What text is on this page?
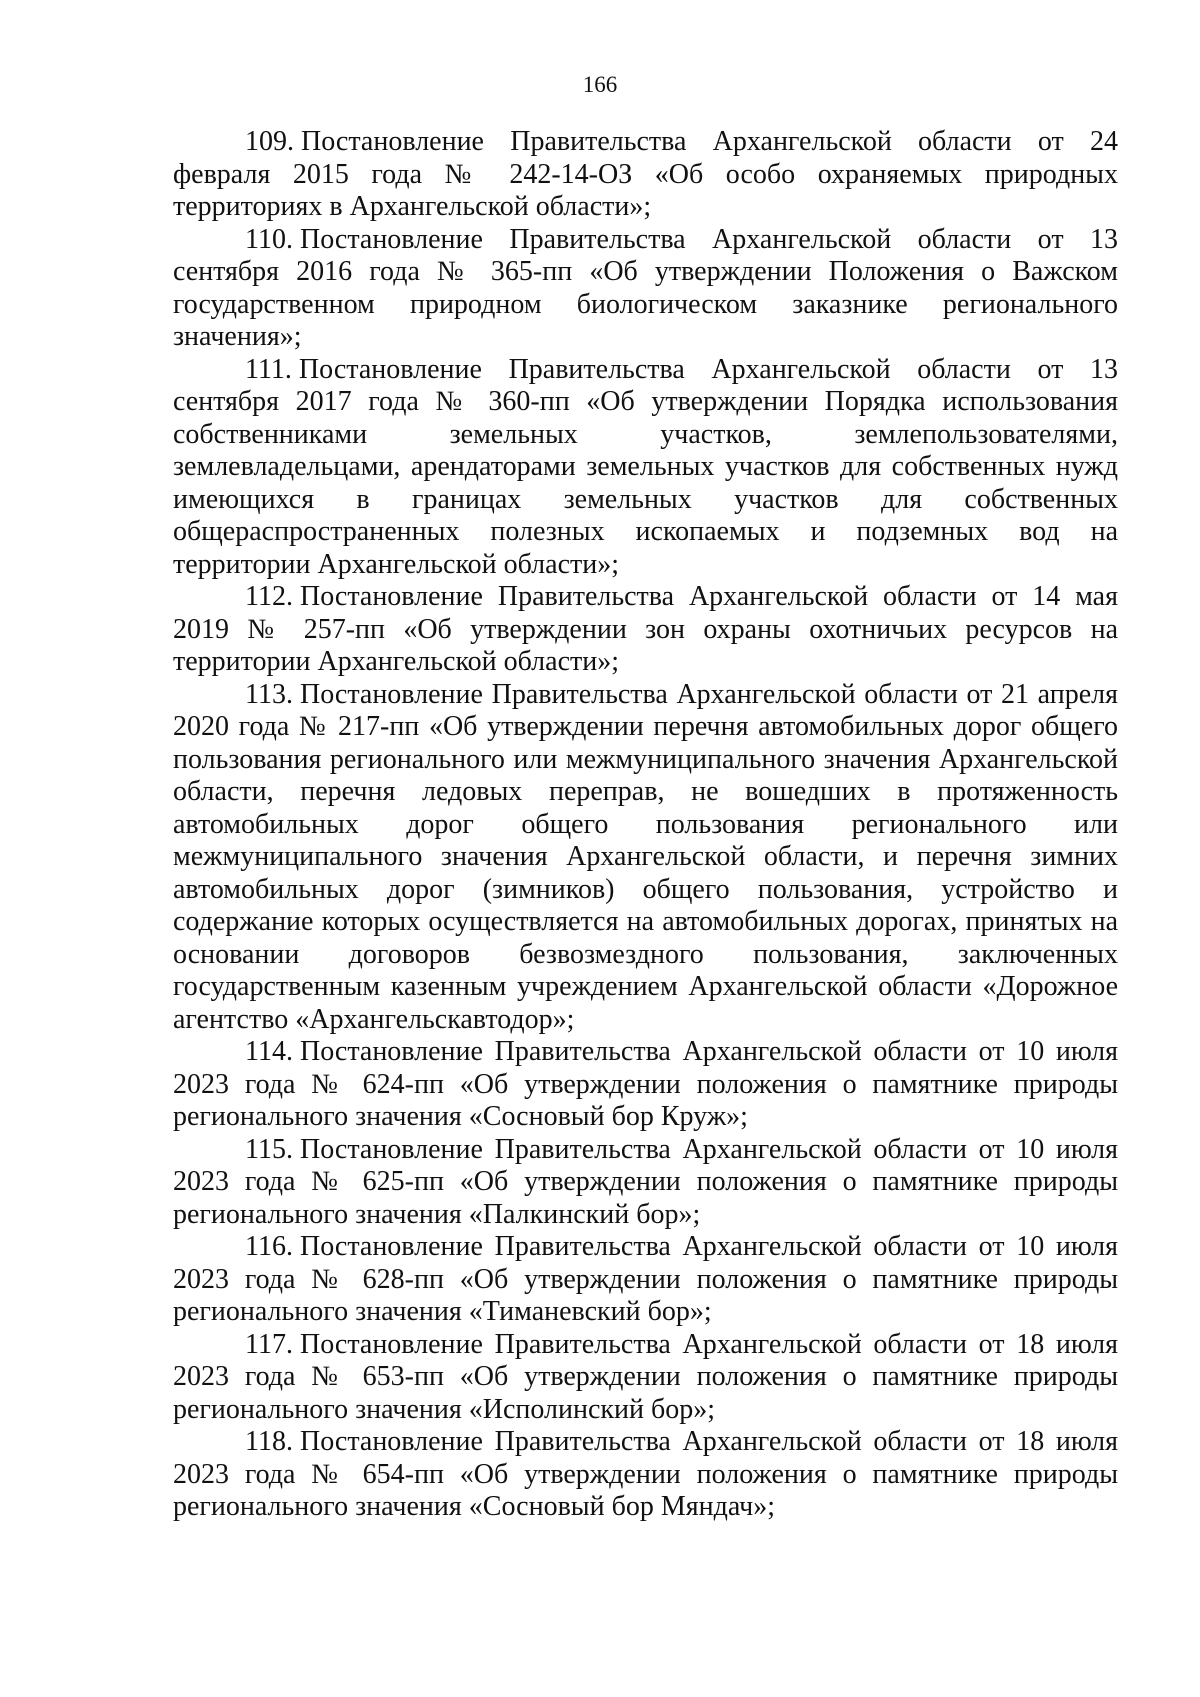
166
109. Постановление Правительства Архангельской области от 24 февраля 2015 года № 242-14-ОЗ «Об особо охраняемых природных территориях в Архангельской области»;
110. Постановление Правительства Архангельской области от 13 сентября 2016 года № 365-пп «Об утверждении Положения о Важском государственном природном биологическом заказнике регионального значения»;
111. Постановление Правительства Архангельской области от 13 сентября 2017 года № 360-пп «Об утверждении Порядка использования собственниками земельных участков, землепользователями, землевладельцами, арендаторами земельных участков для собственных нужд имеющихся в границах земельных участков для собственных общераспространенных полезных ископаемых и подземных вод на территории Архангельской области»;
112. Постановление Правительства Архангельской области от 14 мая 2019 № 257-пп «Об утверждении зон охраны охотничьих ресурсов на территории Архангельской области»;
113. Постановление Правительства Архангельской области от 21 апреля 2020 года № 217-пп «Об утверждении перечня автомобильных дорог общего пользования регионального или межмуниципального значения Архангельской области, перечня ледовых переправ, не вошедших в протяженность автомобильных дорог общего пользования регионального или межмуниципального значения Архангельской области, и перечня зимних автомобильных дорог (зимников) общего пользования, устройство и содержание которых осуществляется на автомобильных дорогах, принятых на основании договоров безвозмездного пользования, заключенных государственным казенным учреждением Архангельской области «Дорожное агентство «Архангельскавтодор»;
114. Постановление Правительства Архангельской области от 10 июля 2023 года № 624-пп «Об утверждении положения о памятнике природы регионального значения «Сосновый бор Круж»;
115. Постановление Правительства Архангельской области от 10 июля 2023 года № 625-пп «Об утверждении положения о памятнике природы регионального значения «Палкинский бор»;
116. Постановление Правительства Архангельской области от 10 июля 2023 года № 628-пп «Об утверждении положения о памятнике природы регионального значения «Тиманевский бор»;
117. Постановление Правительства Архангельской области от 18 июля 2023 года № 653-пп «Об утверждении положения о памятнике природы регионального значения «Исполинский бор»;
118. Постановление Правительства Архангельской области от 18 июля 2023 года № 654-пп «Об утверждении положения о памятнике природы регионального значения «Сосновый бор Мяндач»;
